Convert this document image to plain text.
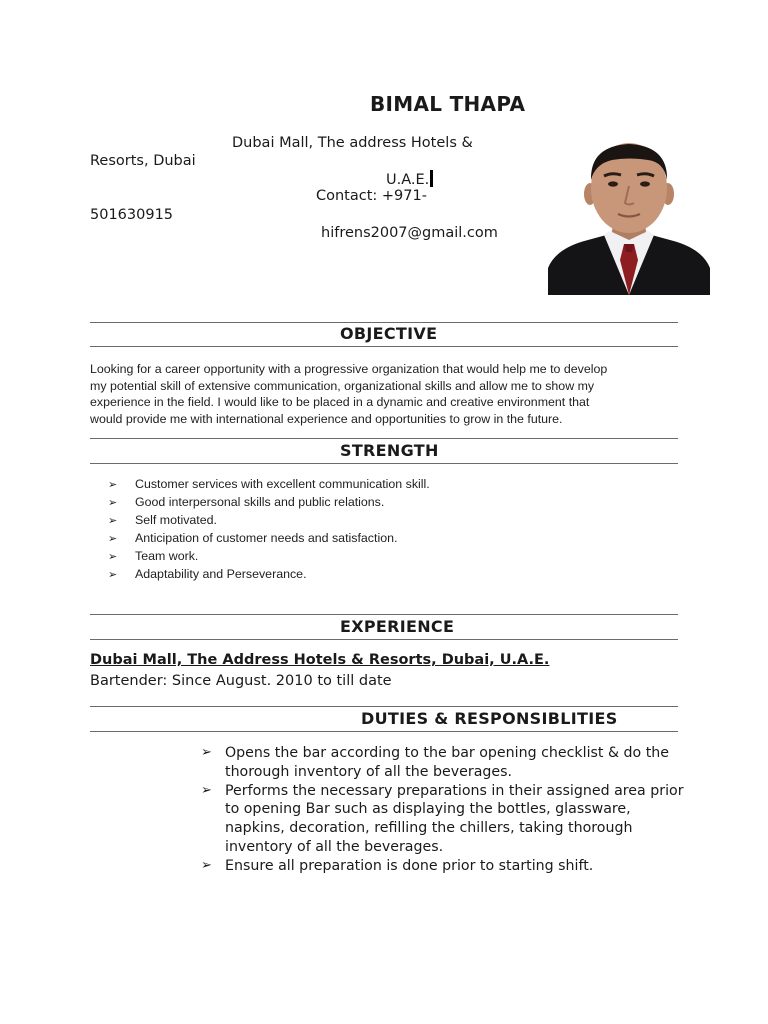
BIMAL THAPA
Dubai Mall, The address Hotels &
Resorts, Dubai
U.A.E.
Contact: +971-
501630915
hifrens2007@gmail.com
OBJECTIVE
Looking for a career opportunity with a progressive organization that would help me to develop
my potential skill of extensive communication, organizational skills and allow me to show my
experience in the field. I would like to be placed in a dynamic and creative environment that
would provide me with international experience and opportunities to grow in the future.
STRENGTH
➢ Customer services with excellent communication skill.
➢ Good interpersonal skills and public relations.
➢ Self motivated.
➢ Anticipation of customer needs and satisfaction.
➢ Team work.
➢ Adaptability and Perseverance.
EXPERIENCE
Dubai Mall, The Address Hotels & Resorts, Dubai, U.A.E.
Bartender: Since August. 2010 to till date
DUTIES & RESPONSIBLITIES
➢ Opens the bar according to the bar opening checklist & do the thorough inventory of all the beverages.
➢ Performs the necessary preparations in their assigned area prior to opening Bar such as displaying the bottles, glassware, napkins, decoration, refilling the chillers, taking thorough inventory of all the beverages.
➢ Ensure all preparation is done prior to starting shift.
